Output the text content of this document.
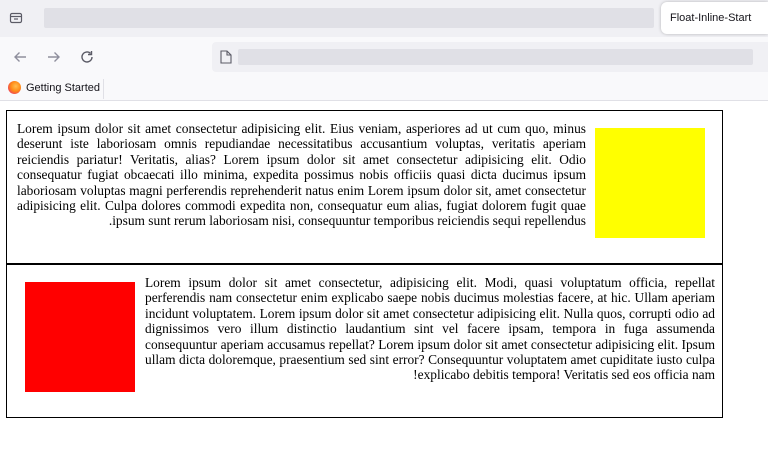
Float-Inline-Start
Getting Started

Lorem ipsum dolor sit amet consectetur adipisicing elit. Eius veniam, asperiores ad ut cum quo, minus deserunt iste laboriosam omnis repudiandae necessitatibus accusantium voluptas, veritatis aperiam reiciendis pariatur! Veritatis, alias? Lorem ipsum dolor sit amet consectetur adipisicing elit. Odio consequatur fugiat obcaecati illo minima, expedita possimus nobis officiis quasi dicta ducimus ipsum laboriosam voluptas magni perferendis reprehenderit natus enim Lorem ipsum dolor sit, amet consectetur adipisicing elit. Culpa dolores commodi expedita non, consequatur eum alias, fugiat dolorem fugit quae ipsum sunt rerum laboriosam nisi, consequuntur temporibus reiciendis sequi repellendus.

Lorem ipsum dolor sit amet consectetur, adipisicing elit. Modi, quasi voluptatum officia, repellat perferendis nam consectetur enim explicabo saepe nobis ducimus molestias facere, at hic. Ullam aperiam incidunt voluptatem. Lorem ipsum dolor sit amet consectetur adipisicing elit. Nulla quos, corrupti odio ad dignissimos vero illum distinctio laudantium sint vel facere ipsam, tempora in fuga assumenda consequuntur aperiam accusamus repellat? Lorem ipsum dolor sit amet consectetur adipisicing elit. Ipsum ullam dicta doloremque, praesentium sed sint error? Consequuntur voluptatem amet cupiditate iusto culpa explicabo debitis tempora! Veritatis sed eos officia nam!
